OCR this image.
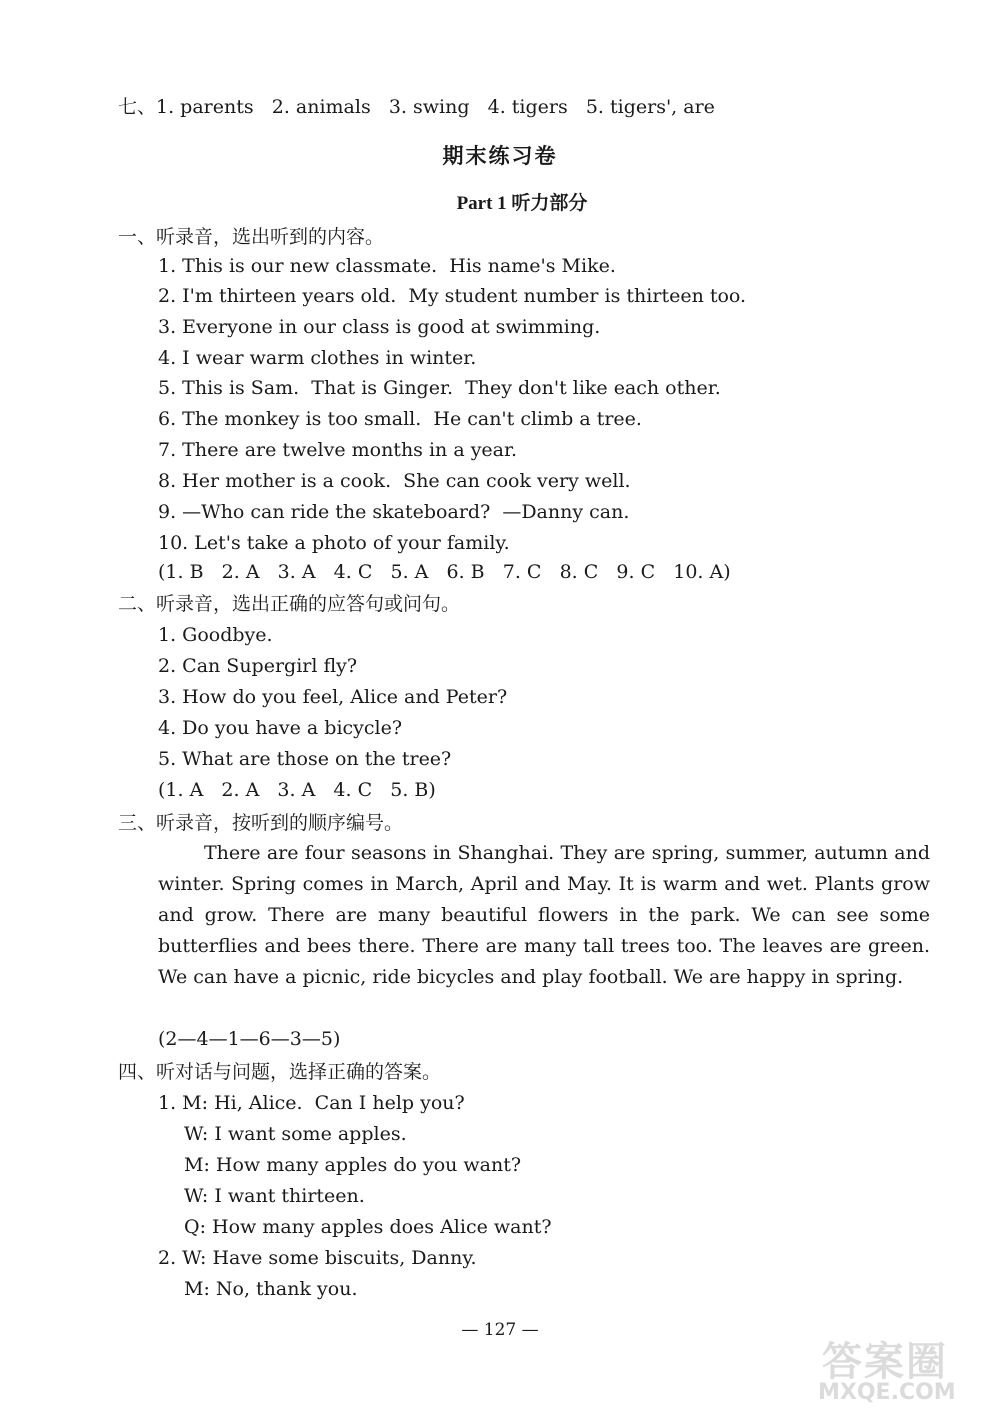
七、1. parents   2. animals   3. swing   4. tigers   5. tigers', are
期末练习卷
Part 1 听力部分
一、听录音，选出听到的内容。
1. This is our new classmate.  His name's Mike.
2. I'm thirteen years old.  My student number is thirteen too.
3. Everyone in our class is good at swimming.
4. I wear warm clothes in winter.
5. This is Sam.  That is Ginger.  They don't like each other.
6. The monkey is too small.  He can't climb a tree.
7. There are twelve months in a year.
8. Her mother is a cook.  She can cook very well.
9. —Who can ride the skateboard?  —Danny can.
10. Let's take a photo of your family.
(1. B   2. A   3. A   4. C   5. A   6. B   7. C   8. C   9. C   10. A)
二、听录音，选出正确的应答句或问句。
1. Goodbye.
2. Can Supergirl fly?
3. How do you feel, Alice and Peter?
4. Do you have a bicycle?
5. What are those on the tree?
(1. A   2. A   3. A   4. C   5. B)
三、听录音，按听到的顺序编号。
There are four seasons in Shanghai. They are spring, summer, autumn and winter. Spring comes in March, April and May. It is warm and wet. Plants grow and grow. There are many beautiful flowers in the park. We can see some butterflies and bees there. There are many tall trees too. The leaves are green. We can have a picnic, ride bicycles and play football. We are happy in spring.
(2—4—1—6—3—5)
四、听对话与问题，选择正确的答案。
1. M: Hi, Alice.  Can I help you?
W: I want some apples.
M: How many apples do you want?
W: I want thirteen.
Q: How many apples does Alice want?
2. W: Have some biscuits, Danny.
M: No, thank you.
— 127 —
答案圈
MXQE.COM
